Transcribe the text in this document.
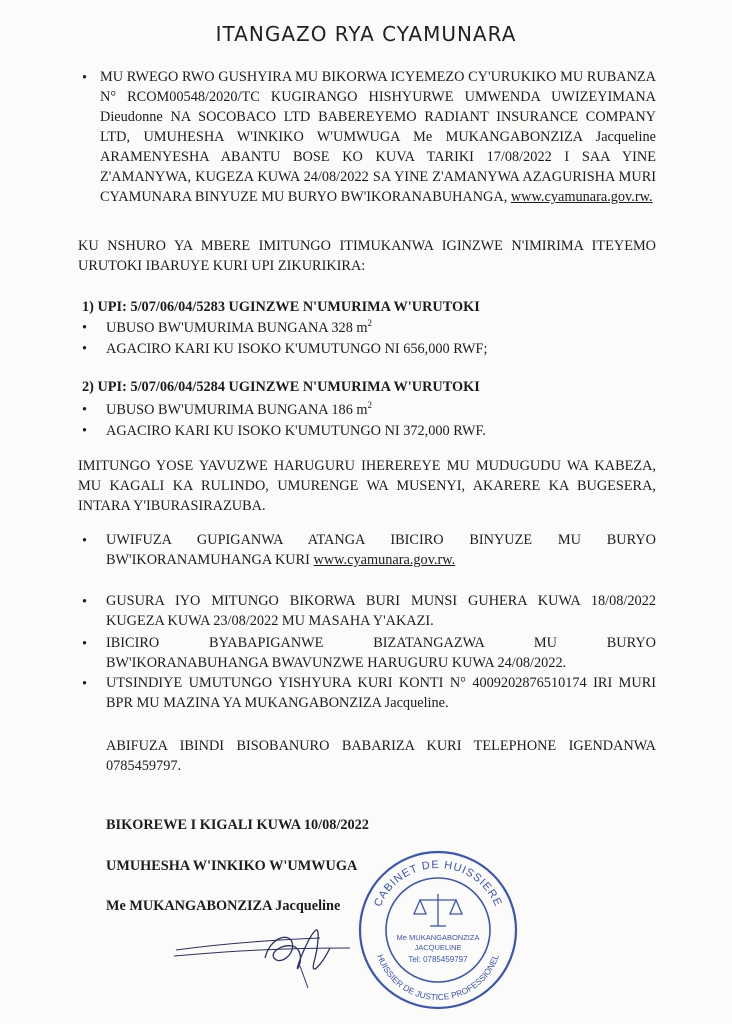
ITANGAZO RYA CYAMUNARA
• MU RWEGO RWO GUSHYIRA MU BIKORWA ICYEMEZO CY'URUKIKO MU RUBANZA N° RCOM00548/2020/TC KUGIRANGO HISHYURWE UMWENDA UWIZEYIMANA Dieudonne NA SOCOBACO LTD BABEREYEMO RADIANT INSURANCE COMPANY LTD, UMUHESHA W'INKIKO W'UMWUGA Me MUKANGABONZIZA Jacqueline ARAMENYESHA ABANTU BOSE KO KUVA TARIKI 17/08/2022 I SAA YINE Z'AMANYWA, KUGEZA KUWA 24/08/2022 SA YINE Z'AMANYWA AZAGURISHA MURI CYAMUNARA BINYUZE MU BURYO BW'IKORANABUHANGA, www.cyamunara.gov.rw.
KU NSHURO YA MBERE IMITUNGO ITIMUKANWA IGINZWE N'IMIRIMA ITEYEMO URUTOKI IBARUYE KURI UPI ZIKURIKIRA:
1) UPI: 5/07/06/04/5283 UGINZWE N'UMURIMA W'URUTOKI
• UBUSO BW'UMURIMA BUNGANA 328 $m^2$
• AGACIRO KARI KU ISOKO K'UMUTUNGO NI 656,000 RWF;
2) UPI: 5/07/06/04/5284 UGINZWE N'UMURIMA W'URUTOKI
• UBUSO BW'UMURIMA BUNGANA 186 $m^2$
• AGACIRO KARI KU ISOKO K'UMUTUNGO NI 372,000 RWF.
IMITUNGO YOSE YAVUZWE HARUGURU IHEREREYE MU MUDUGUDU WA KABEZA, MU KAGALI KA RULINDO, UMURENGE WA MUSENYI, AKARERE KA BUGESERA, INTARA Y'IBURASIRAZUBA.
• UWIFUZA GUPIGANWA ATANGA IBICIRO BINYUZE MU BURYO
BW'IKORANAMUHANGA KURI www.cyamunara.gov.rw.
• GUSURA IYO MITUNGO BIKORWA BURI MUNSI GUHERA KUWA 18/08/2022 KUGEZA KUWA 23/08/2022 MU MASAHA Y'AKAZI.
• IBICIRO BYABAPIGANWE BIZATANGAZWA MU BURYO
BW'IKORANABUHANGA BWAVUNZWE HARUGURU KUWA 24/08/2022.
• UTSINDIYE UMUTUNGO YISHYURA KURI KONTI N° 4009202876510174 IRI MURI BPR MU MAZINA YA MUKANGABONZIZA Jacqueline.
ABIFUZA IBINDI BISOBANURO BABARIZA KURI TELEPHONE IGENDANWA 0785459797.
BIKOREWE I KIGALI KUWA 10/08/2022
UMUHESHA W'INKIKO W'UMWUGA
Me MUKANGABONZIZA Jacqueline	CABINET DE HUISSIERE
HUISSIER DE JUSTICE PROFESSIONEL
Me MUKANGABONZIZA
JACQUELINE
Tel: 0785459797
